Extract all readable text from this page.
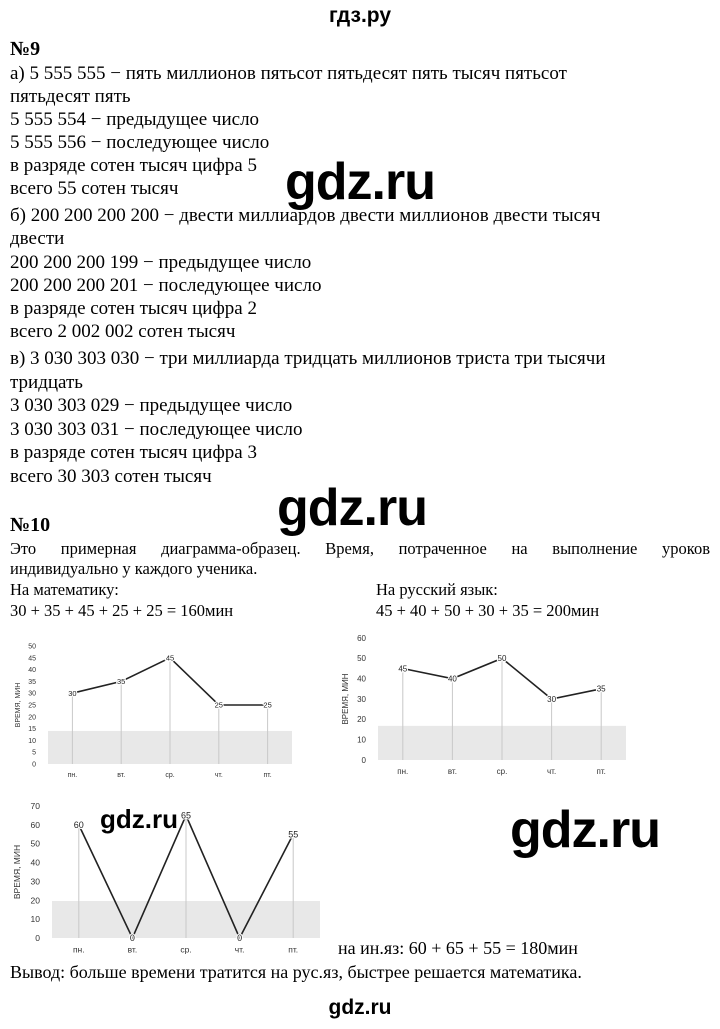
гдз.ру
№9
а) 5 555 555 − пять миллионов пятьсот пятьдесят пять тысяч пятьсот
пятьдесят пять
5 555 554 − предыдущее число
5 555 556 − последующее число
в разряде сотен тысяч цифра 5
всего 55 сотен тысяч
б) 200 200 200 200 − двести миллиардов двести миллионов двести тысяч
двести
200 200 200 199 − предыдущее число
200 200 200 201 − последующее число
в разряде сотен тысяч цифра 2
всего 2 002 002 сотен тысяч
в) 3 030 303 030 − три миллиарда тридцать миллионов триста три тысячи
тридцать
3 030 303 029 − предыдущее число
3 030 303 031 − последующее число
в разряде сотен тысяч цифра 3
всего 30 303 сотен тысяч
gdz.ru
gdz.ru
gdz.ru
gdz.ru
№10
Это примерная диаграмма-образец. Время, потраченное на выполнение уроков
индивидуально у каждого ученика.
На математику:
30 + 35 + 45 + 25 + 25 = 160мин
На русский язык:
45 + 40 + 50 + 30 + 35 = 200мин
ВРЕМЯ, МИН
0
5
10
15
20
25
30
35
40
45
50
пн.	вт.	ср.	чт.	пт.
30
35
45
25	25	ВРЕМЯ, МИН
0
10
20
30
40
50
60
пн.	вт.	ср.	чт.	пт.
45
40
50
30
35
ВРЕМЯ, МИН
0
10
20
30
40
50
60
70
пн.	вт.	ср.	чт.	пт.
60
0
65
0
55
на ин.яз: 60 + 65 + 55 = 180мин
Вывод: больше времени тратится на рус.яз, быстрее решается математика.
gdz.ru
